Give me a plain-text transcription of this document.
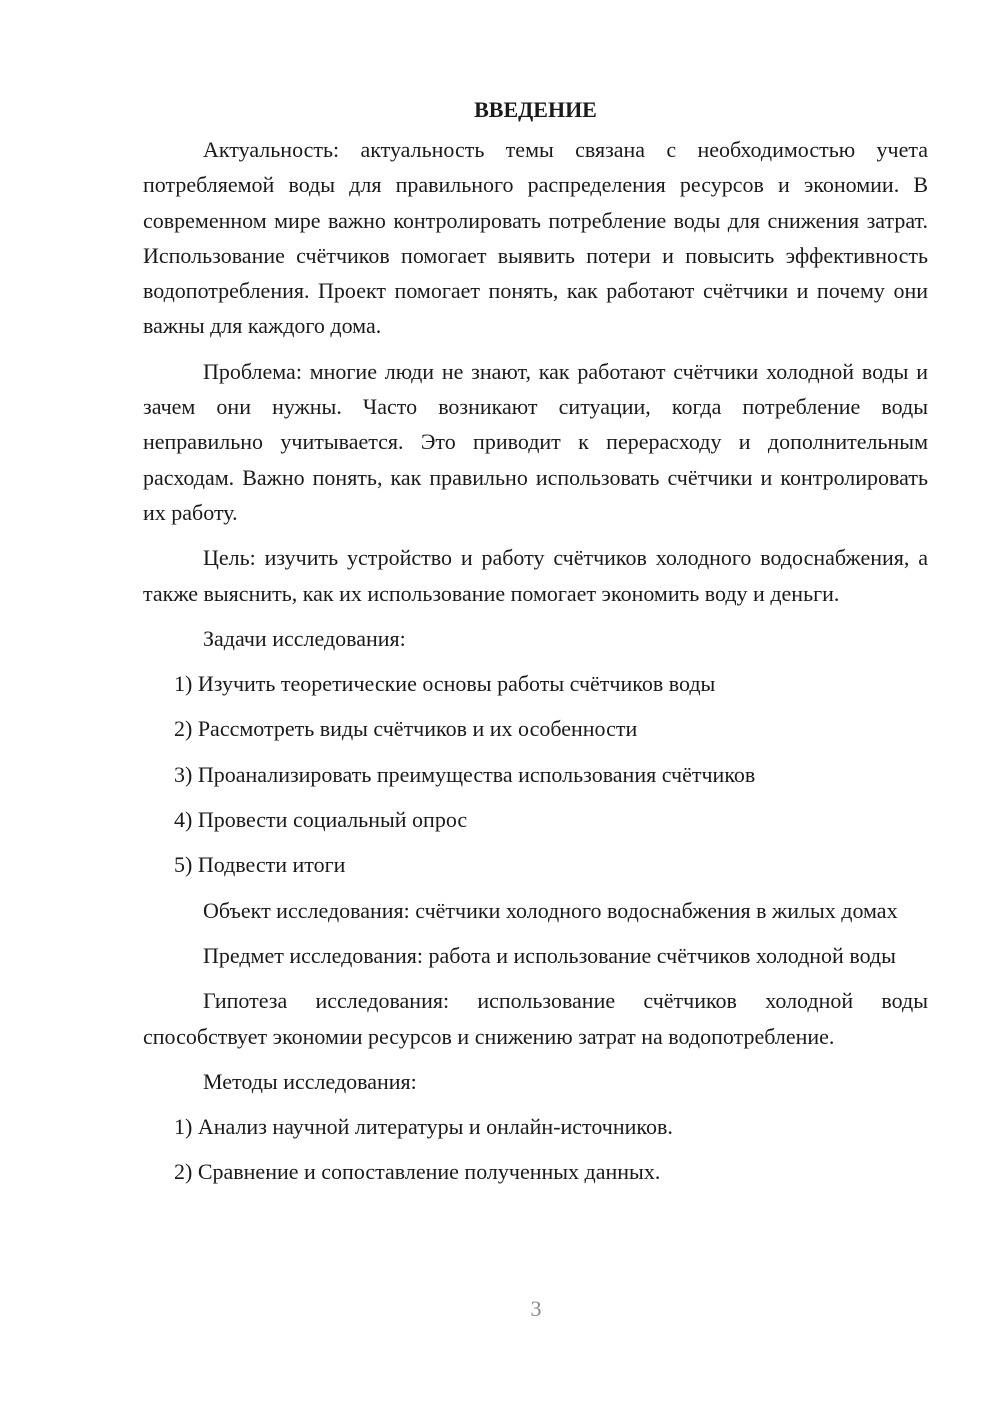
ВВЕДЕНИЕ

Актуальность: актуальность темы связана с необходимостью учета потребляемой воды для правильного распределения ресурсов и экономии. В современном мире важно контролировать потребление воды для снижения затрат. Использование счётчиков помогает выявить потери и повысить эффективность водопотребления. Проект помогает понять, как работают счётчики и почему они важны для каждого дома.

Проблема: многие люди не знают, как работают счётчики холодной воды и зачем они нужны. Часто возникают ситуации, когда потребление воды неправильно учитывается. Это приводит к перерасходу и дополнительным расходам. Важно понять, как правильно использовать счётчики и контролировать их работу.

Цель: изучить устройство и работу счётчиков холодного водоснабжения, а также выяснить, как их использование помогает экономить воду и деньги.

Задачи исследования:

1) Изучить теоретические основы работы счётчиков воды

2) Рассмотреть виды счётчиков и их особенности

3) Проанализировать преимущества использования счётчиков

4) Провести социальный опрос

5) Подвести итоги

Объект исследования: счётчики холодного водоснабжения в жилых домах

Предмет исследования: работа и использование счётчиков холодной воды

Гипотеза исследования: использование счётчиков холодной воды способствует экономии ресурсов и снижению затрат на водопотребление.

Методы исследования:

1) Анализ научной литературы и онлайн-источников.

2) Сравнение и сопоставление полученных данных.

3
